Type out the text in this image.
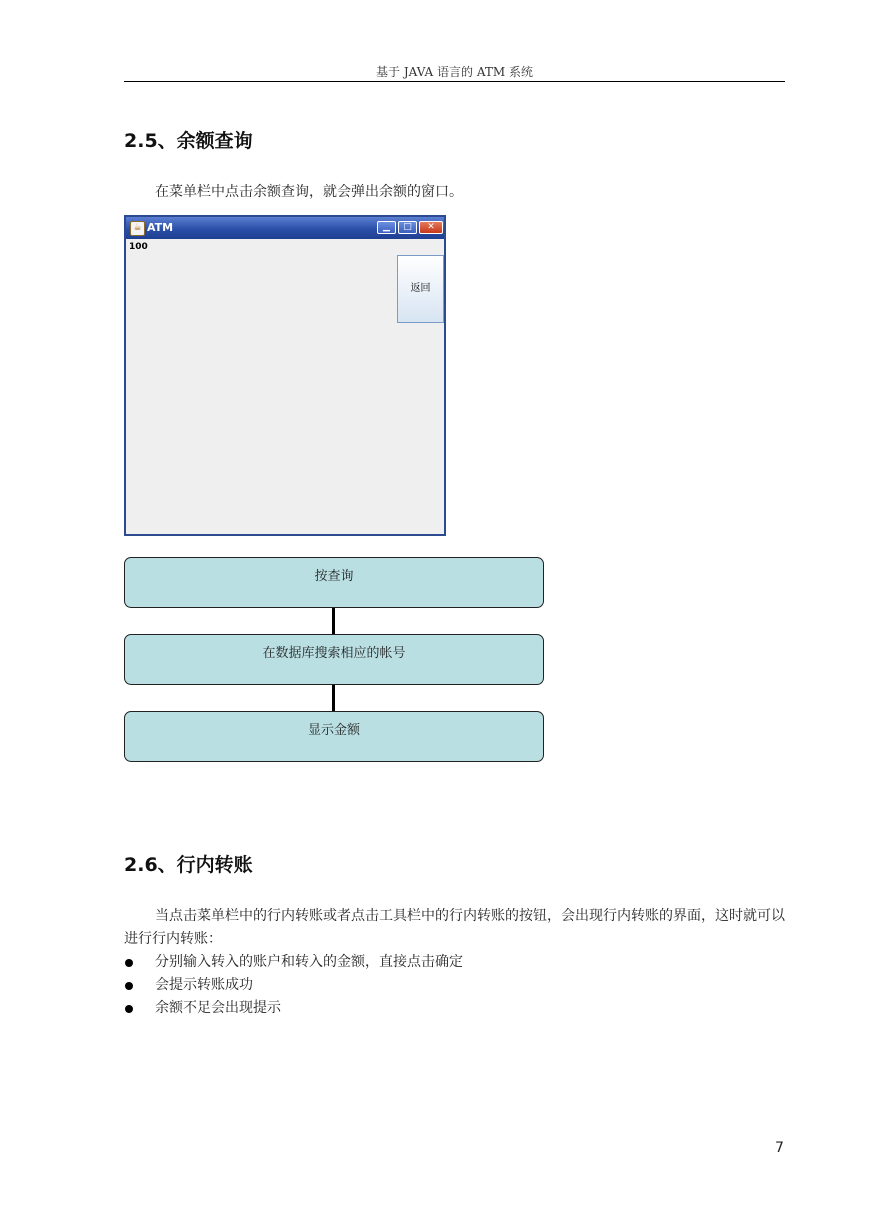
基于 JAVA 语言的 ATM 系统
2.5、余额查询
在菜单栏中点击余额查询，就会弹出余额的窗口。
☕ ATM	▁	□	✕
100
返回
按查询
在数据库搜索相应的帐号
显示金额
2.6、行内转账
当点击菜单栏中的行内转账或者点击工具栏中的行内转账的按钮，会出现行内转账的界面，这时就可以进行行内转账：
分别输入转入的账户和转入的金额，直接点击确定
会提示转账成功
余额不足会出现提示
7
